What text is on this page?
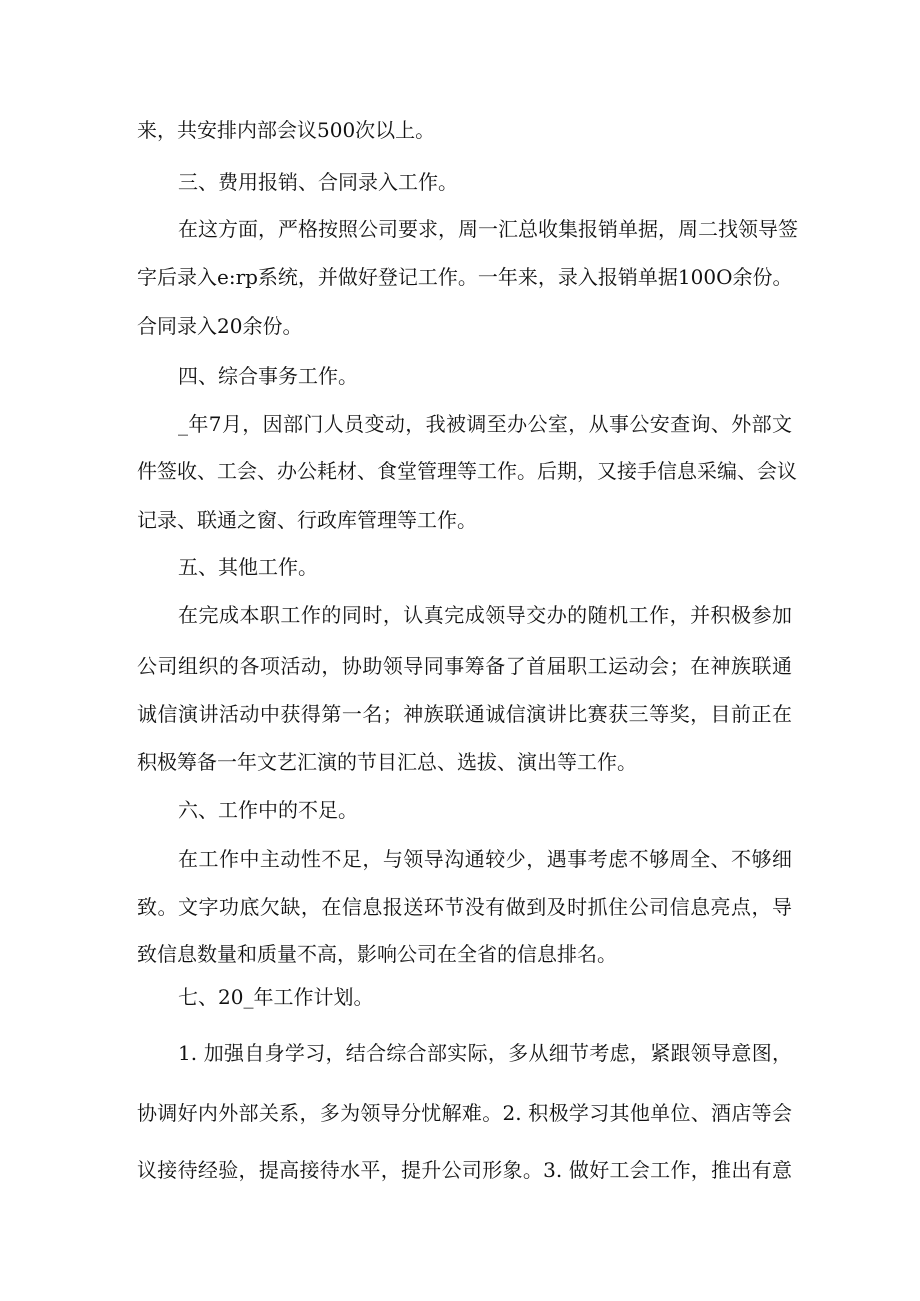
来，共安排内部会议500次以上。

三、费用报销、合同录入工作。

在这方面，严格按照公司要求，周一汇总收集报销单据，周二找领导签

字后录入e:rp系统，并做好登记工作。一年来，录入报销单据100O余份。

合同录入20余份。

四、综合事务工作。

_年7月，因部门人员变动，我被调至办公室，从事公安查询、外部文

件签收、工会、办公耗材、食堂管理等工作。后期，又接手信息采编、会议

记录、联通之窗、行政库管理等工作。

五、其他工作。

在完成本职工作的同时，认真完成领导交办的随机工作，并积极参加

公司组织的各项活动，协助领导同事筹备了首届职工运动会；在神族联通

诚信演讲活动中获得第一名；神族联通诚信演讲比赛获三等奖，目前正在

积极筹备一年文艺汇演的节目汇总、选拔、演出等工作。

六、工作中的不足。

在工作中主动性不足，与领导沟通较少，遇事考虑不够周全、不够细

致。文字功底欠缺，在信息报送环节没有做到及时抓住公司信息亮点，导

致信息数量和质量不高，影响公司在全省的信息排名。

七、20_年工作计划。

1. 加强自身学习，结合综合部实际，多从细节考虑，紧跟领导意图，

协调好内外部关系，多为领导分忧解难。2. 积极学习其他单位、酒店等会

议接待经验，提高接待水平，提升公司形象。3. 做好工会工作，推出有意
